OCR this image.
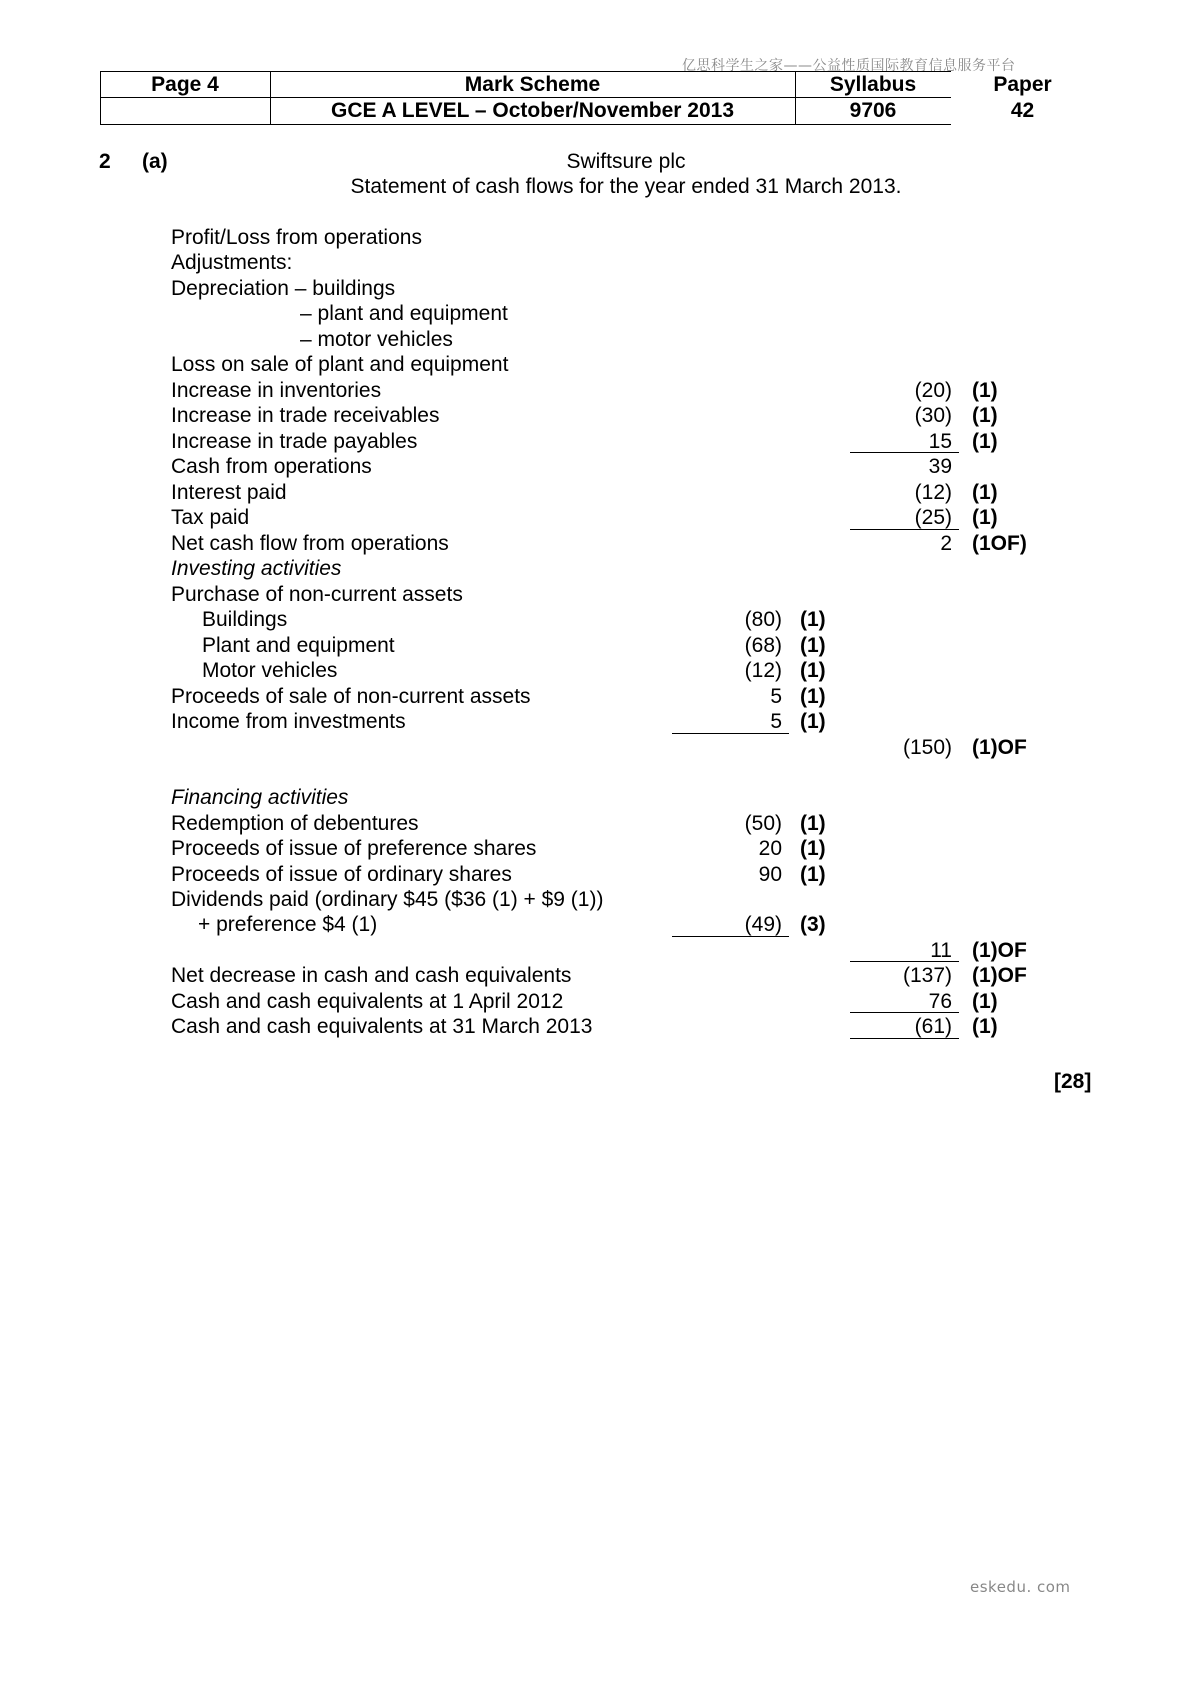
亿思科学生之家——公益性质国际教育信息服务平台
Page 4	Mark Scheme	Syllabus	Paper
GCE A LEVEL – October/November 2013	9706	42
2 (a)	Swiftsure plc
Statement of cash flows for the year ended 31 March 2013.
Profit/Loss from operations
Adjustments:
Depreciation – buildings
– plant and equipment
– motor vehicles
Loss on sale of plant and equipment
Increase in inventories	(20) (1)
Increase in trade receivables	(30) (1)
Increase in trade payables	15 (1)
Cash from operations	39
Interest paid	(12) (1)
Tax paid	(25) (1)
Net cash flow from operations	2 (1OF)
Investing activities
Purchase of non-current assets
Buildings	(80) (1)
Plant and equipment	(68) (1)
Motor vehicles	(12) (1)
Proceeds of sale of non-current assets	5 (1)
Income from investments	5 (1)
(150) (1)OF
Financing activities
Redemption of debentures	(50) (1)
Proceeds of issue of preference shares	20 (1)
Proceeds of issue of ordinary shares	90 (1)
Dividends paid (ordinary $45 ($36 (1) + $9 (1))
+ preference $4 (1)	(49) (3)
11 (1)OF
Net decrease in cash and cash equivalents	(137) (1)OF
Cash and cash equivalents at 1 April 2012	76 (1)
Cash and cash equivalents at 31 March 2013	(61) (1)
[28]
eskedu. com
